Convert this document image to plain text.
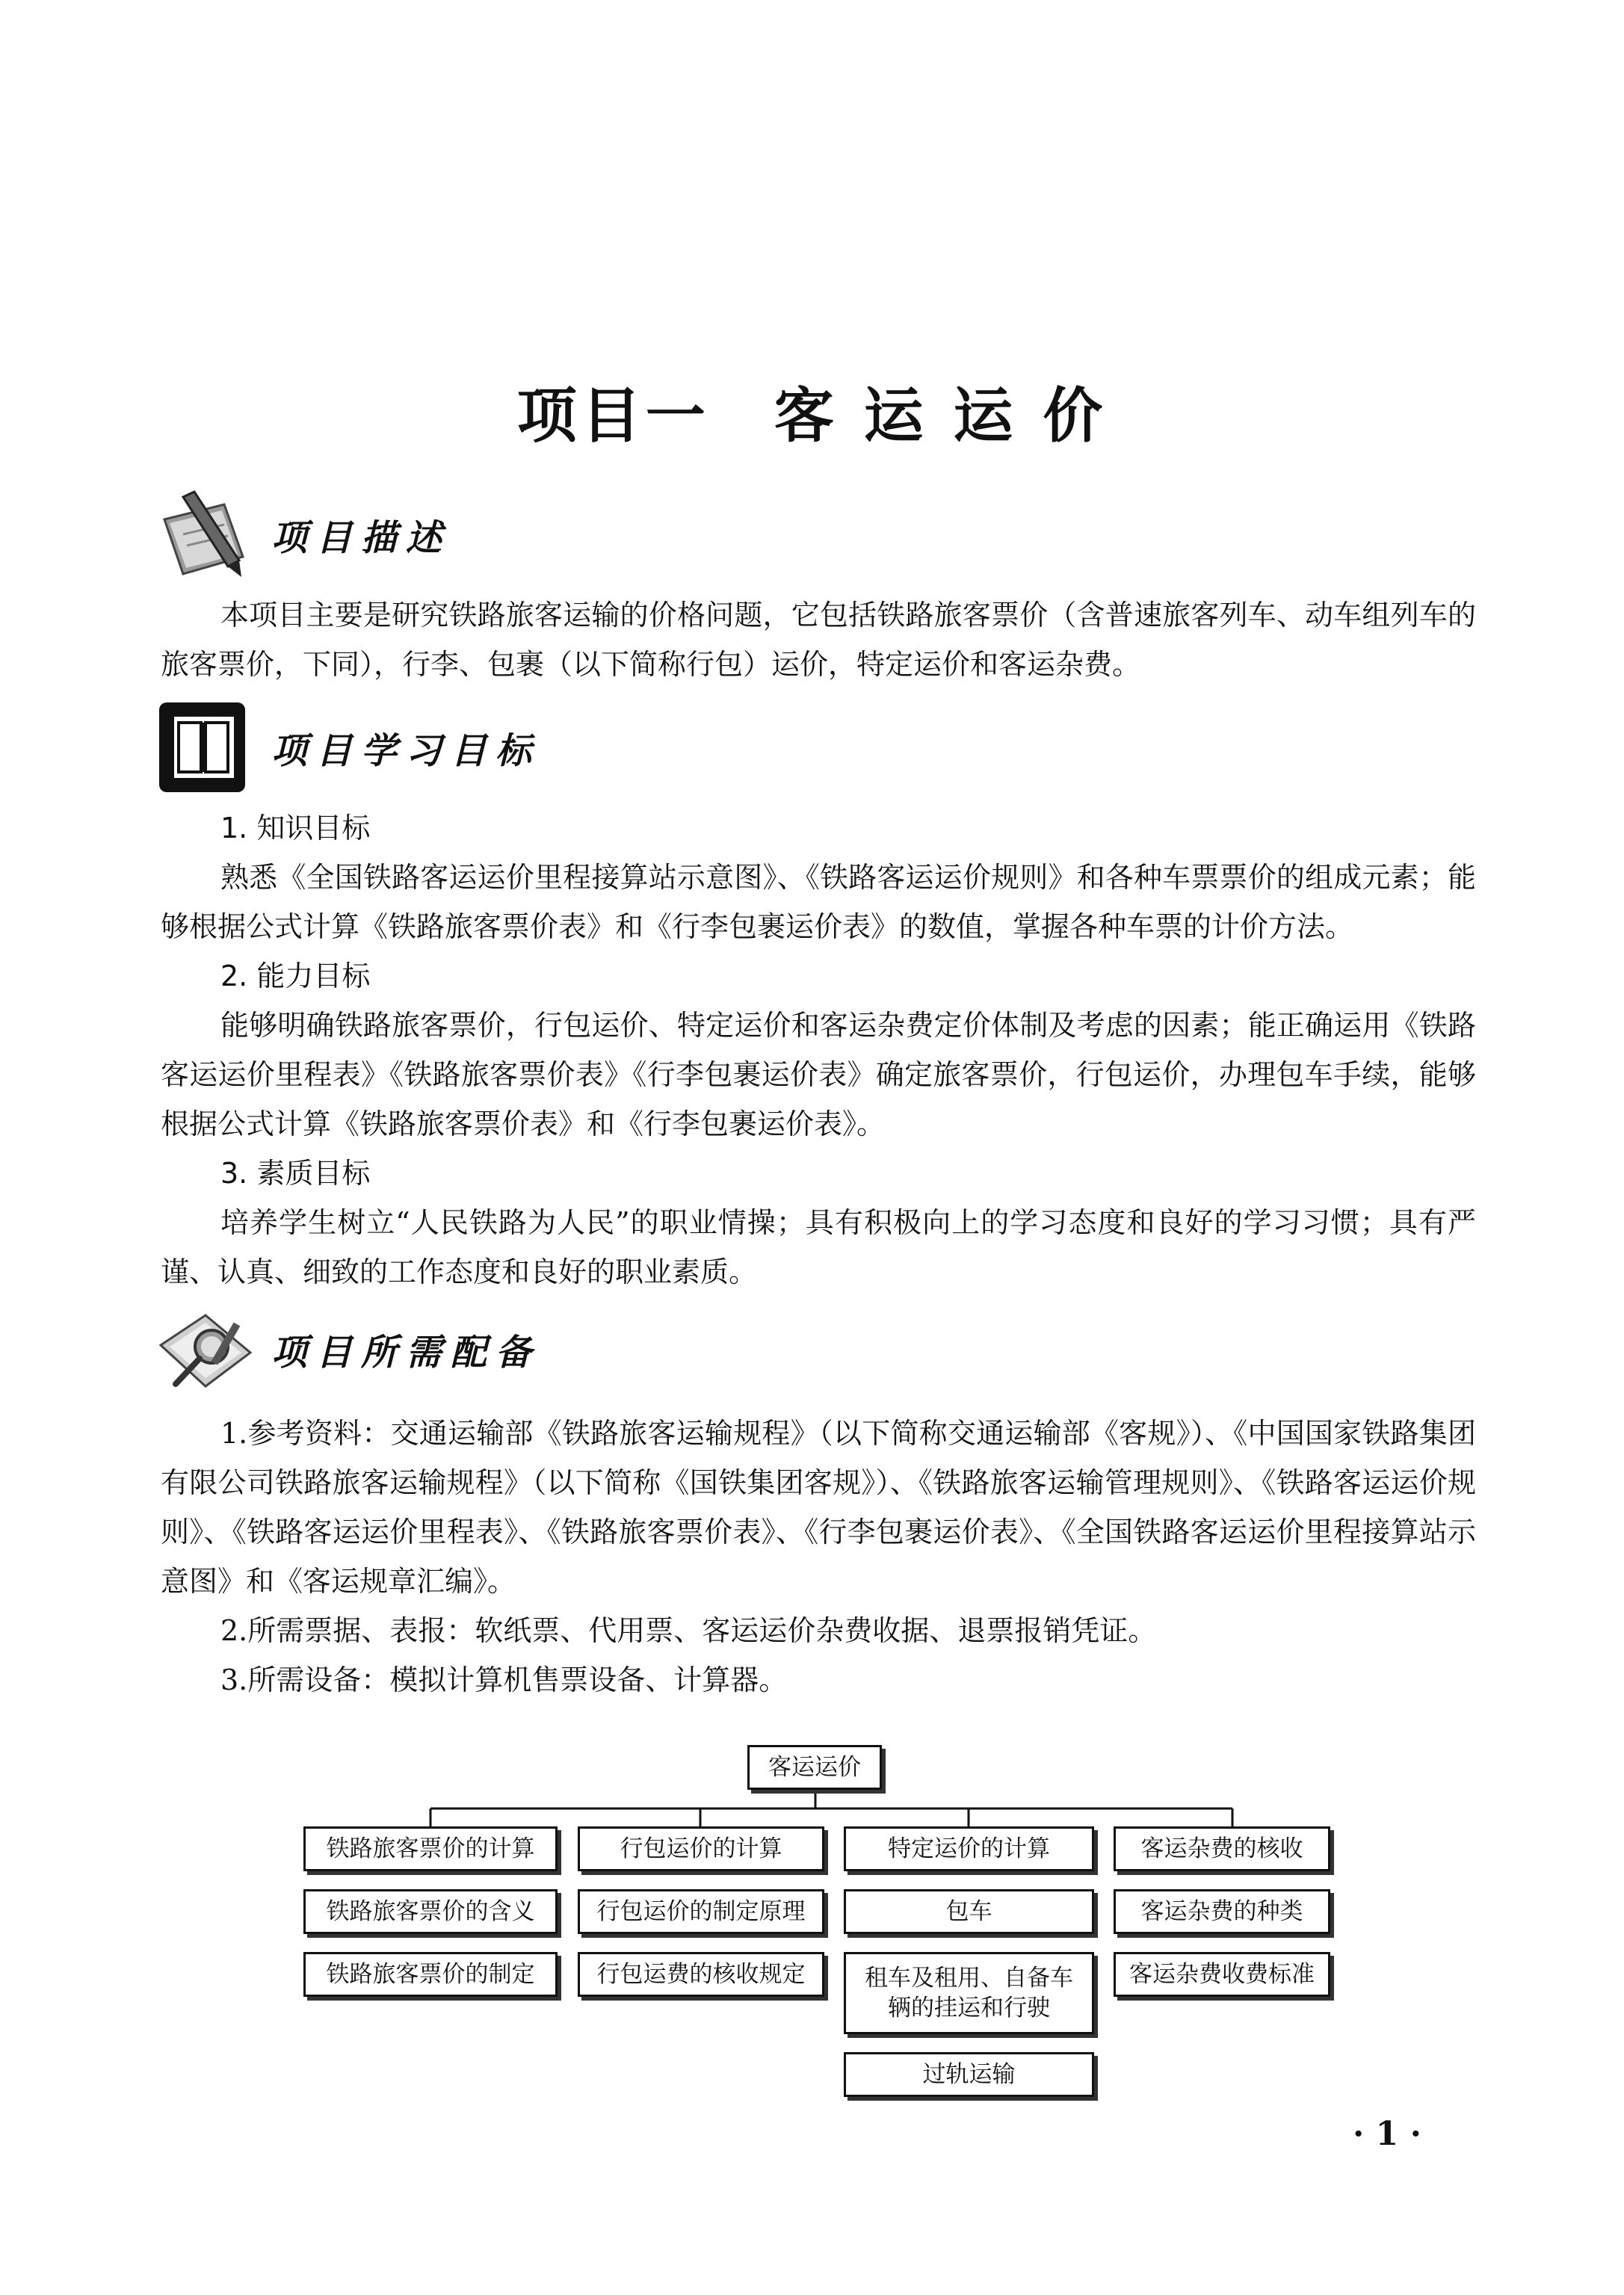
项目一　客 运 运 价
项目描述

本项目主要是研究铁路旅客运输的价格问题，它包括铁路旅客票价（含普速旅客列车、动车组列车的旅客票价，下同），行李、包裹（以下简称行包）运价，特定运价和客运杂费。

项目学习目标

1. 知识目标

熟悉《全国铁路客运运价里程接算站示意图》、《铁路客运运价规则》和各种车票票价的组成元素；能够根据公式计算《铁路旅客票价表》和《行李包裹运价表》的数值，掌握各种车票的计价方法。

2. 能力目标

能够明确铁路旅客票价，行包运价、特定运价和客运杂费定价体制及考虑的因素；能正确运用《铁路客运运价里程表》《铁路旅客票价表》《行李包裹运价表》确定旅客票价，行包运价，办理包车手续，能够根据公式计算《铁路旅客票价表》和《行李包裹运价表》。

3. 素质目标

培养学生树立“人民铁路为人民”的职业情操；具有积极向上的学习态度和良好的学习习惯；具有严谨、认真、细致的工作态度和良好的职业素质。

项目所需配备

1.参考资料：交通运输部《铁路旅客运输规程》（以下简称交通运输部《客规》）、《中国国家铁路集团有限公司铁路旅客运输规程》（以下简称《国铁集团客规》）、《铁路旅客运输管理规则》、《铁路客运运价规则》、《铁路客运运价里程表》、《铁路旅客票价表》、《行李包裹运价表》、《全国铁路客运运价里程接算站示意图》和《客运规章汇编》。

2.所需票据、表报：软纸票、代用票、客运运价杂费收据、退票报销凭证。

3.所需设备：模拟计算机售票设备、计算器。

客运运价
铁路旅客票价的计算
铁路旅客票价的含义
铁路旅客票价的制定
行包运价的计算
行包运价的制定原理
行包运费的核收规定
特定运价的计算
包车
租车及租用、自备车辆的挂运和行驶
过轨运输
客运杂费的核收
客运杂费的种类
客运杂费收费标准
· 1 ·
